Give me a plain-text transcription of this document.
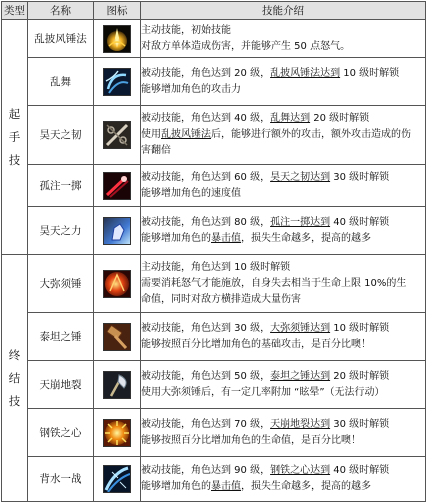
类型	名称	图标	技能介绍

起
手
技	乱披风锤法		主动技能，初始技能
对敌方单体造成伤害，并能够产生 50 点怒气。

	乱舞		被动技能，角色达到 20 级，乱披风锤法达到 10 级时解锁
能够增加角色的攻击力

	昊天之韧		被动技能，角色达到 40 级，乱舞达到 20 级时解锁
使用乱披风锤法后，能够进行额外的攻击，额外攻击造成的伤
害翻倍

	孤注一掷		被动技能，角色达到 60 级，昊天之韧达到 30 级时解锁
能够增加角色的速度值

	昊天之力		被动技能，角色达到 80 级，孤注一掷达到 40 级时解锁
能够增加角色的暴击值，损失生命越多，提高的越多

终
结
技	大弥须锤		主动技能，角色达到 10 级时解锁
需要消耗怒气才能施放，自身失去相当于生命上限 10%的生
命值，同时对敌方横排造成大量伤害

	泰坦之锤		被动技能，角色达到 30 级，大弥须锤达到 10 级时解锁
能够按照百分比增加角色的基础攻击，是百分比噢！

	天崩地裂		被动技能，角色达到 50 级，泰坦之锤达到 20 级时解锁
使用大弥须锤后，有一定几率附加 “眩晕”（无法行动）

	钢铁之心		被动技能，角色达到 70 级，天崩地裂达到 30 级时解锁
能够按照百分比增加角色的生命值，是百分比噢！

	背水一战		被动技能，角色达到 90 级，钢铁之心达到 40 级时解锁
能够增加角色的暴击值，损失生命越多，提高的越多
